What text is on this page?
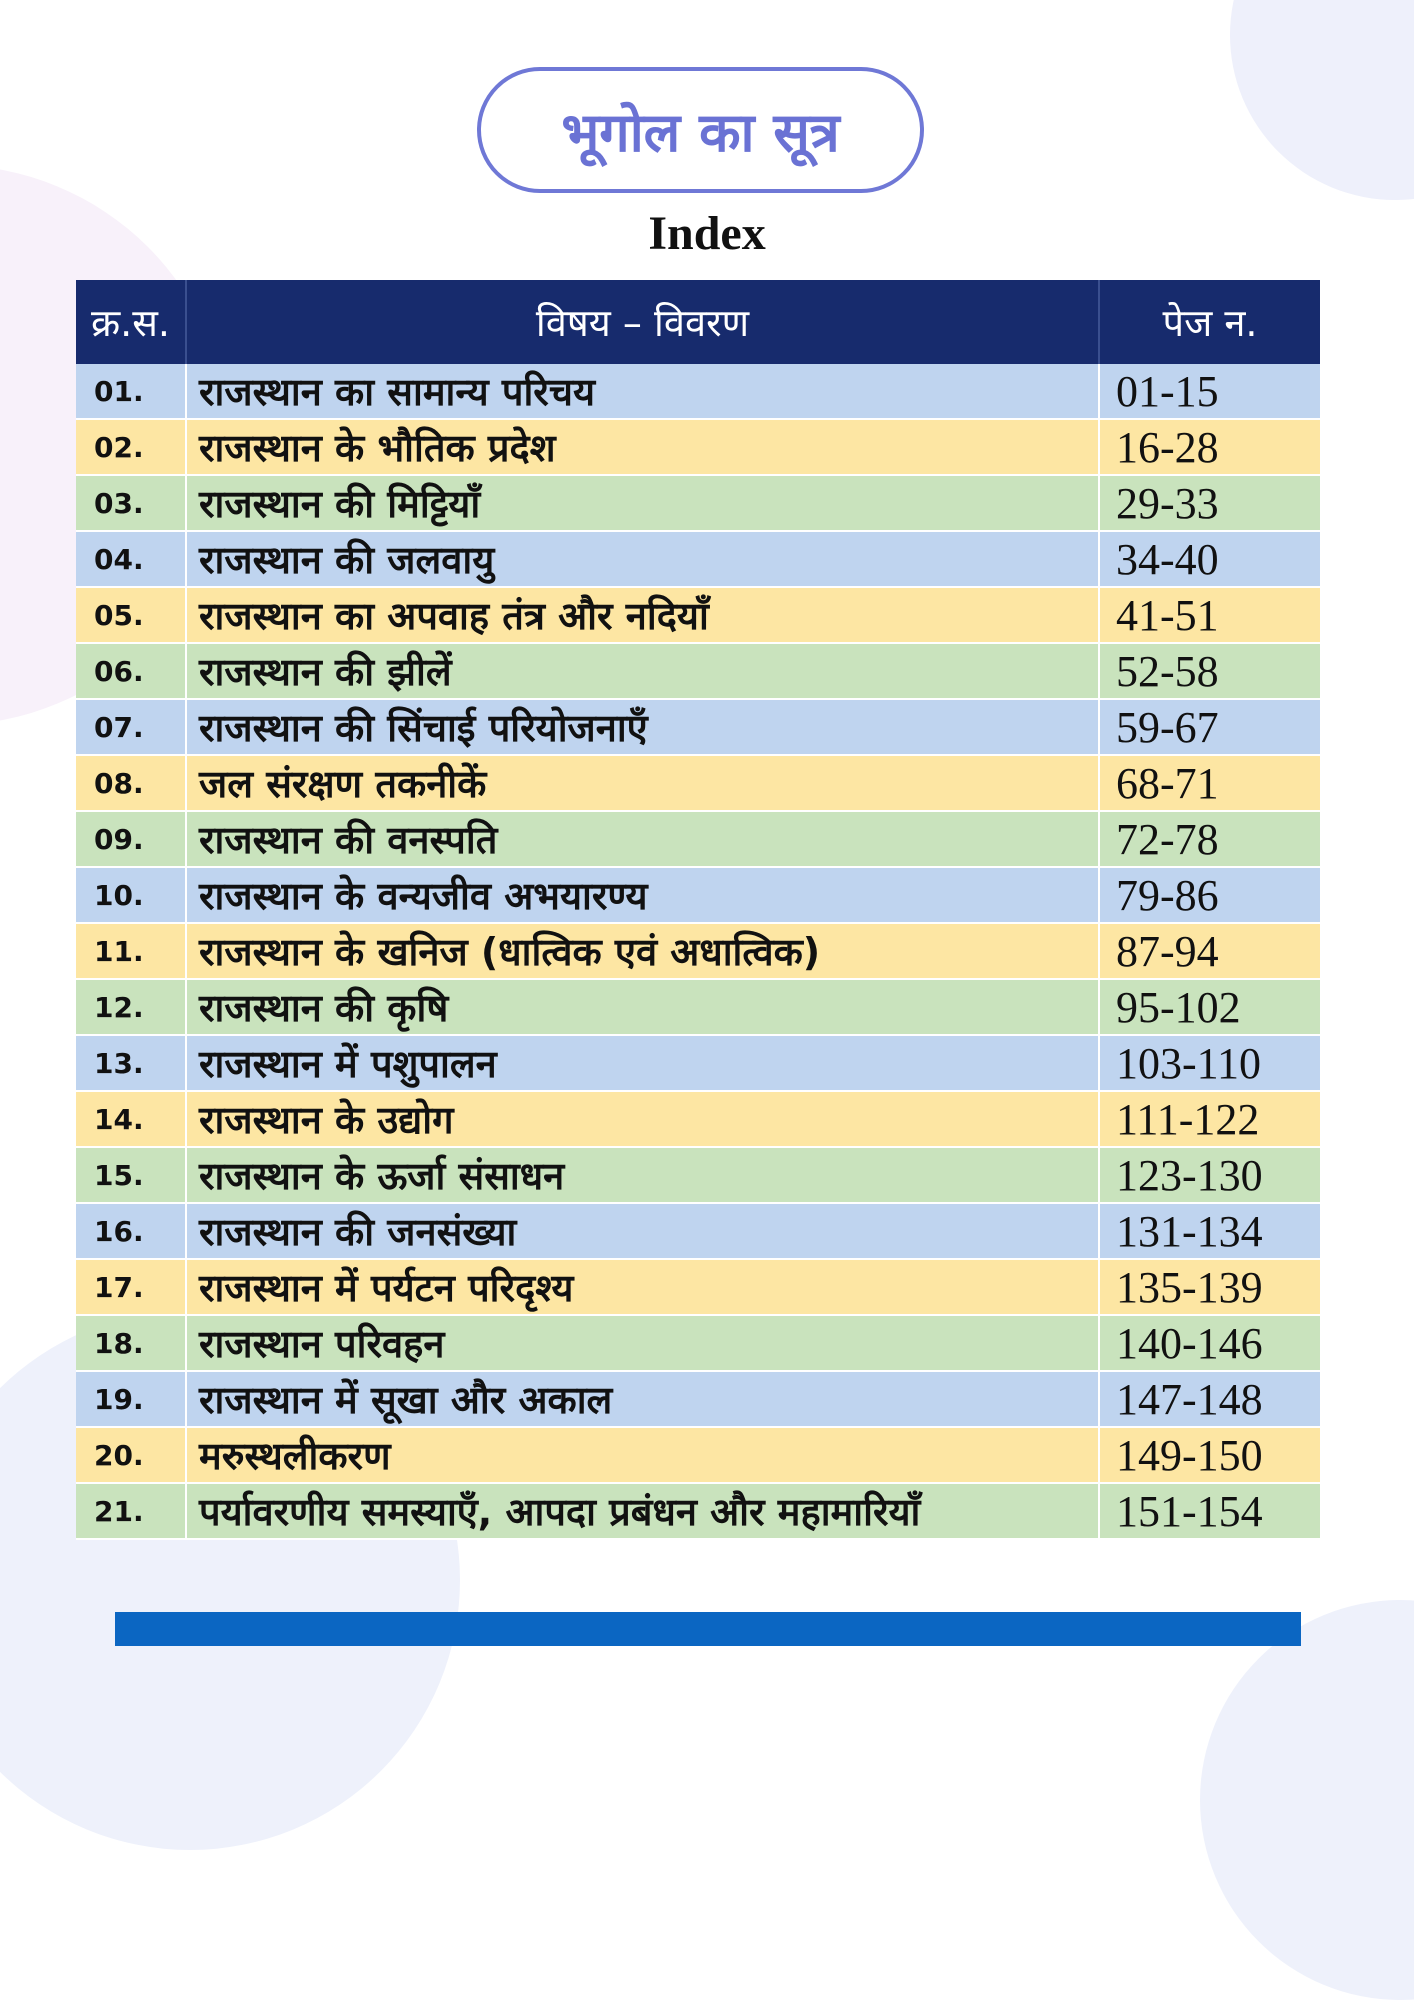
भूगोल का सूत्र
Index
क्र.स.	विषय – विवरण	पेज न.
01.	राजस्थान का सामान्य परिचय	01-15
02.	राजस्थान के भौतिक प्रदेश	16-28
03.	राजस्थान की मिट्टियाँ	29-33
04.	राजस्थान की जलवायु	34-40
05.	राजस्थान का अपवाह तंत्र और नदियाँ	41-51
06.	राजस्थान की झीलें	52-58
07.	राजस्थान की सिंचाई परियोजनाएँ	59-67
08.	जल संरक्षण तकनीकें	68-71
09.	राजस्थान की वनस्पति	72-78
10.	राजस्थान के वन्यजीव अभयारण्य	79-86
11.	राजस्थान के खनिज (धात्विक एवं अधात्विक)	87-94
12.	राजस्थान की कृषि	95-102
13.	राजस्थान में पशुपालन	103-110
14.	राजस्थान के उद्योग	111-122
15.	राजस्थान के ऊर्जा संसाधन	123-130
16.	राजस्थान की जनसंख्या	131-134
17.	राजस्थान में पर्यटन परिदृश्य	135-139
18.	राजस्थान परिवहन	140-146
19.	राजस्थान में सूखा और अकाल	147-148
20.	मरुस्थलीकरण	149-150
21.	पर्यावरणीय समस्याएँ, आपदा प्रबंधन और महामारियाँ	151-154
